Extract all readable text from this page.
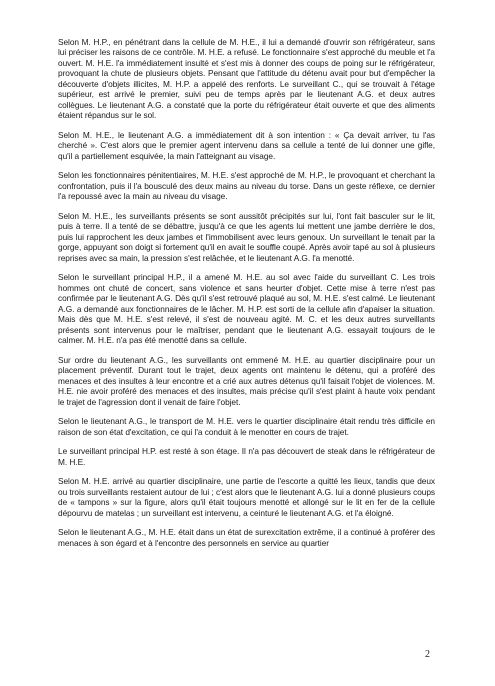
Selon M. H.P., en pénétrant dans la cellule de M. H.E., il lui a demandé d'ouvrir son réfrigérateur, sans lui préciser les raisons de ce contrôle. M. H.E. a refusé. Le fonctionnaire s'est approché du meuble et l'a ouvert. M. H.E. l'a immédiatement insulté et s'est mis à donner des coups de poing sur le réfrigérateur, provoquant la chute de plusieurs objets. Pensant que l'attitude du détenu avait pour but d'empêcher la découverte d'objets illicites, M. H.P. a appelé des renforts. Le surveillant C., qui se trouvait à l'étage supérieur, est arrivé le premier, suivi peu de temps après par le lieutenant A.G. et deux autres collègues. Le lieutenant A.G. a constaté que la porte du réfrigérateur était ouverte et que des aliments étaient répandus sur le sol.

Selon M. H.E., le lieutenant A.G. a immédiatement dit à son intention : « Ça devait arriver, tu l'as cherché ». C'est alors que le premier agent intervenu dans sa cellule a tenté de lui donner une gifle, qu'il a partiellement esquivée, la main l'atteignant au visage.

Selon les fonctionnaires pénitentiaires, M. H.E. s'est approché de M. H.P., le provoquant et cherchant la confrontation, puis il l'a bousculé des deux mains au niveau du torse. Dans un geste réflexe, ce dernier l'a repoussé avec la main au niveau du visage.

Selon M. H.E., les surveillants présents se sont aussitôt précipités sur lui, l'ont fait basculer sur le lit, puis à terre. Il a tenté de se débattre, jusqu'à ce que les agents lui mettent une jambe derrière le dos, puis lui rapprochent les deux jambes et l'immobilisent avec leurs genoux. Un surveillant le tenait par la gorge, appuyant son doigt si fortement qu'il en avait le souffle coupé. Après avoir tapé au sol à plusieurs reprises avec sa main, la pression s'est relâchée, et le lieutenant A.G. l'a menotté.

Selon le surveillant principal H.P., il a amené M. H.E. au sol avec l'aide du surveillant C. Les trois hommes ont chuté de concert, sans violence et sans heurter d'objet. Cette mise à terre n'est pas confirmée par le lieutenant A.G. Dès qu'il s'est retrouvé plaqué au sol, M. H.E. s'est calmé. Le lieutenant A.G. a demandé aux fonctionnaires de le lâcher. M. H.P. est sorti de la cellule afin d'apaiser la situation. Mais dès que M. H.E. s'est relevé, il s'est de nouveau agité. M. C. et les deux autres surveillants présents sont intervenus pour le maîtriser, pendant que le lieutenant A.G. essayait toujours de le calmer. M. H.E. n'a pas été menotté dans sa cellule.

Sur ordre du lieutenant A.G., les surveillants ont emmené M. H.E. au quartier disciplinaire pour un placement préventif. Durant tout le trajet, deux agents ont maintenu le détenu, qui a proféré des menaces et des insultes à leur encontre et a crié aux autres détenus qu'il faisait l'objet de violences. M. H.E. nie avoir proféré des menaces et des insultes, mais précise qu'il s'est plaint à haute voix pendant le trajet de l'agression dont il venait de faire l'objet.

Selon le lieutenant A.G., le transport de M. H.E. vers le quartier disciplinaire était rendu très difficile en raison de son état d'excitation, ce qui l'a conduit à le menotter en cours de trajet.

Le surveillant principal H.P. est resté à son étage. Il n'a pas découvert de steak dans le réfrigérateur de M. H.E.

Selon M. H.E. arrivé au quartier disciplinaire, une partie de l'escorte a quitté les lieux, tandis que deux ou trois surveillants restaient autour de lui ; c'est alors que le lieutenant A.G. lui a donné plusieurs coups de « tampons » sur la figure, alors qu'il était toujours menotté et allongé sur le lit en fer de la cellule dépourvu de matelas ; un surveillant est intervenu, a ceinturé le lieutenant A.G. et l'a éloigné.

Selon le lieutenant A.G., M. H.E. était dans un état de surexcitation extrême, il a continué à proférer des menaces à son égard et à l'encontre des personnels en service au quartier

2
